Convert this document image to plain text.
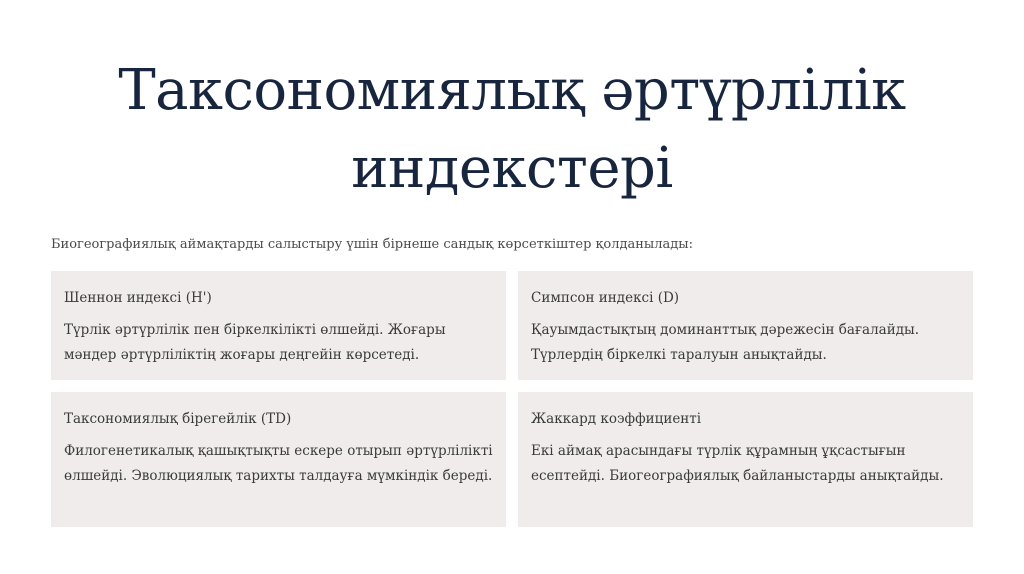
Таксономиялық әртүрлілік
индекстері
Биогеографиялық аймақтарды салыстыру үшін бірнеше сандық көрсеткіштер қолданылады:
Шеннон индексі (H')
Түрлік әртүрлілік пен біркелкілікті өлшейді. Жоғары мәндер әртүрліліктің жоғары деңгейін көрсетеді.
Симпсон индексі (D)
Қауымдастықтың доминанттық дәрежесін бағалайды. Түрлердің біркелкі таралуын анықтайды.
Таксономиялық бірегейлік (TD)
Филогенетикалық қашықтықты ескере отырып әртүрлілікті өлшейді. Эволюциялық тарихты талдауға мүмкіндік береді.
Жаккард коэффициенті
Екі аймақ арасындағы түрлік құрамның ұқсастығын есептейді. Биогеографиялық байланыстарды анықтайды.
